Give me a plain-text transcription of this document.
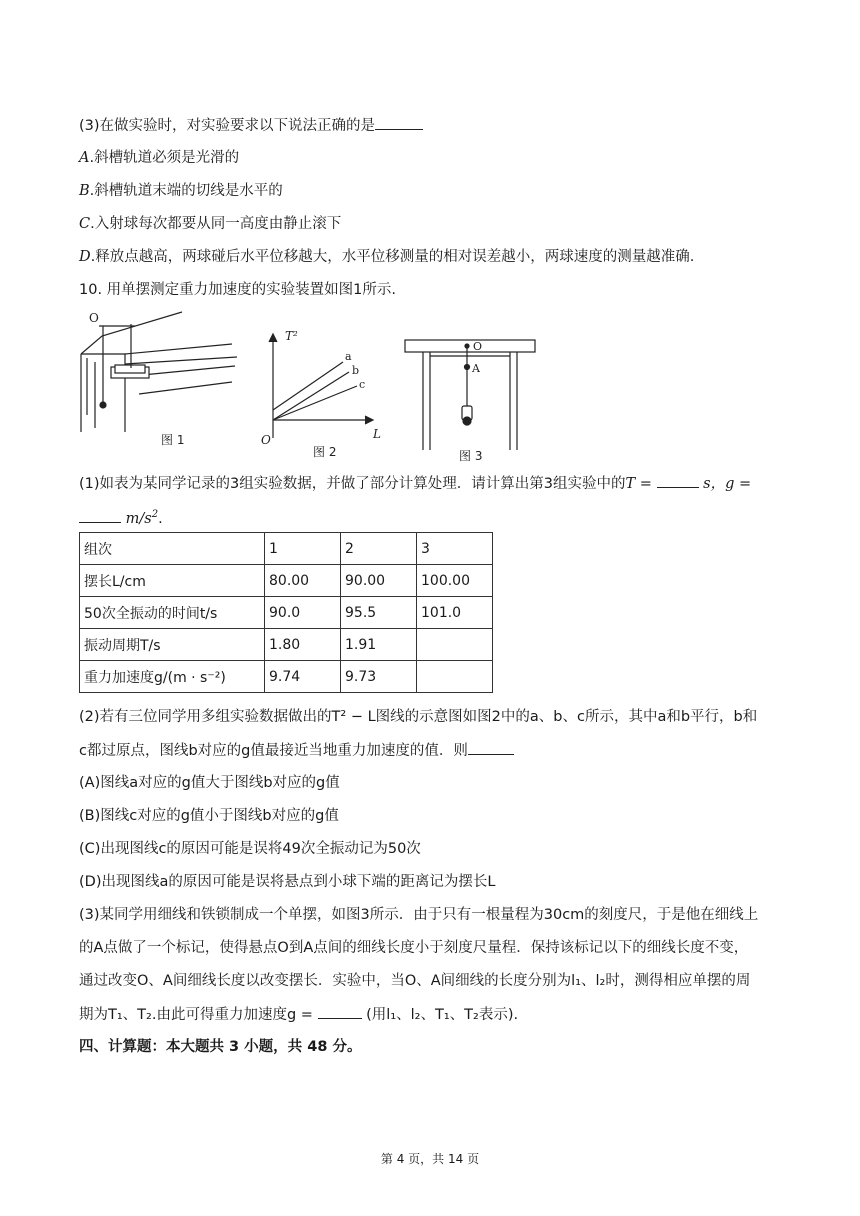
(3)在做实验时，对实验要求以下说法正确的是
A.斜槽轨道必须是光滑的
B.斜槽轨道末端的切线是水平的
C.入射球每次都要从同一高度由静止滚下
D.释放点越高，两球碰后水平位移越大，水平位移测量的相对误差越小，两球速度的测量越准确.
10. 用单摆测定重力加速度的实验装置如图1所示.
O
图 1
T²
L
O
a
b
c
图 2
O
A
图 3
(1)如表为某同学记录的3组实验数据，并做了部分计算处理．请计算出第3组实验中的T =	s，g =
$m/s^2$.
组次	1	2	3
摆长L/cm	80.00	90.00	100.00
50次全振动的时间t/s	90.0	95.5	101.0
振动周期T/s	1.80	1.91	
重力加速度g/(m · s⁻²)	9.74	9.73	
(2)若有三位同学用多组实验数据做出的T² − L图线的示意图如图2中的a、b、c所示，其中a和b平行，b和
c都过原点，图线b对应的g值最接近当地重力加速度的值．则
(A)图线a对应的g值大于图线b对应的g值
(B)图线c对应的g值小于图线b对应的g值
(C)出现图线c的原因可能是误将49次全振动记为50次
(D)出现图线a的原因可能是误将悬点到小球下端的距离记为摆长L
(3)某同学用细线和铁锁制成一个单摆，如图3所示．由于只有一根量程为30cm的刻度尺，于是他在细线上
的A点做了一个标记，使得悬点O到A点间的细线长度小于刻度尺量程．保持该标记以下的细线长度不变，
通过改变O、A间细线长度以改变摆长．实验中，当O、A间细线的长度分别为l₁、l₂时，测得相应单摆的周
期为T₁、T₂.由此可得重力加速度g =	(用l₁、l₂、T₁、T₂表示).
四、计算题：本大题共 3 小题，共 48 分。
第 4 页，共 14 页
